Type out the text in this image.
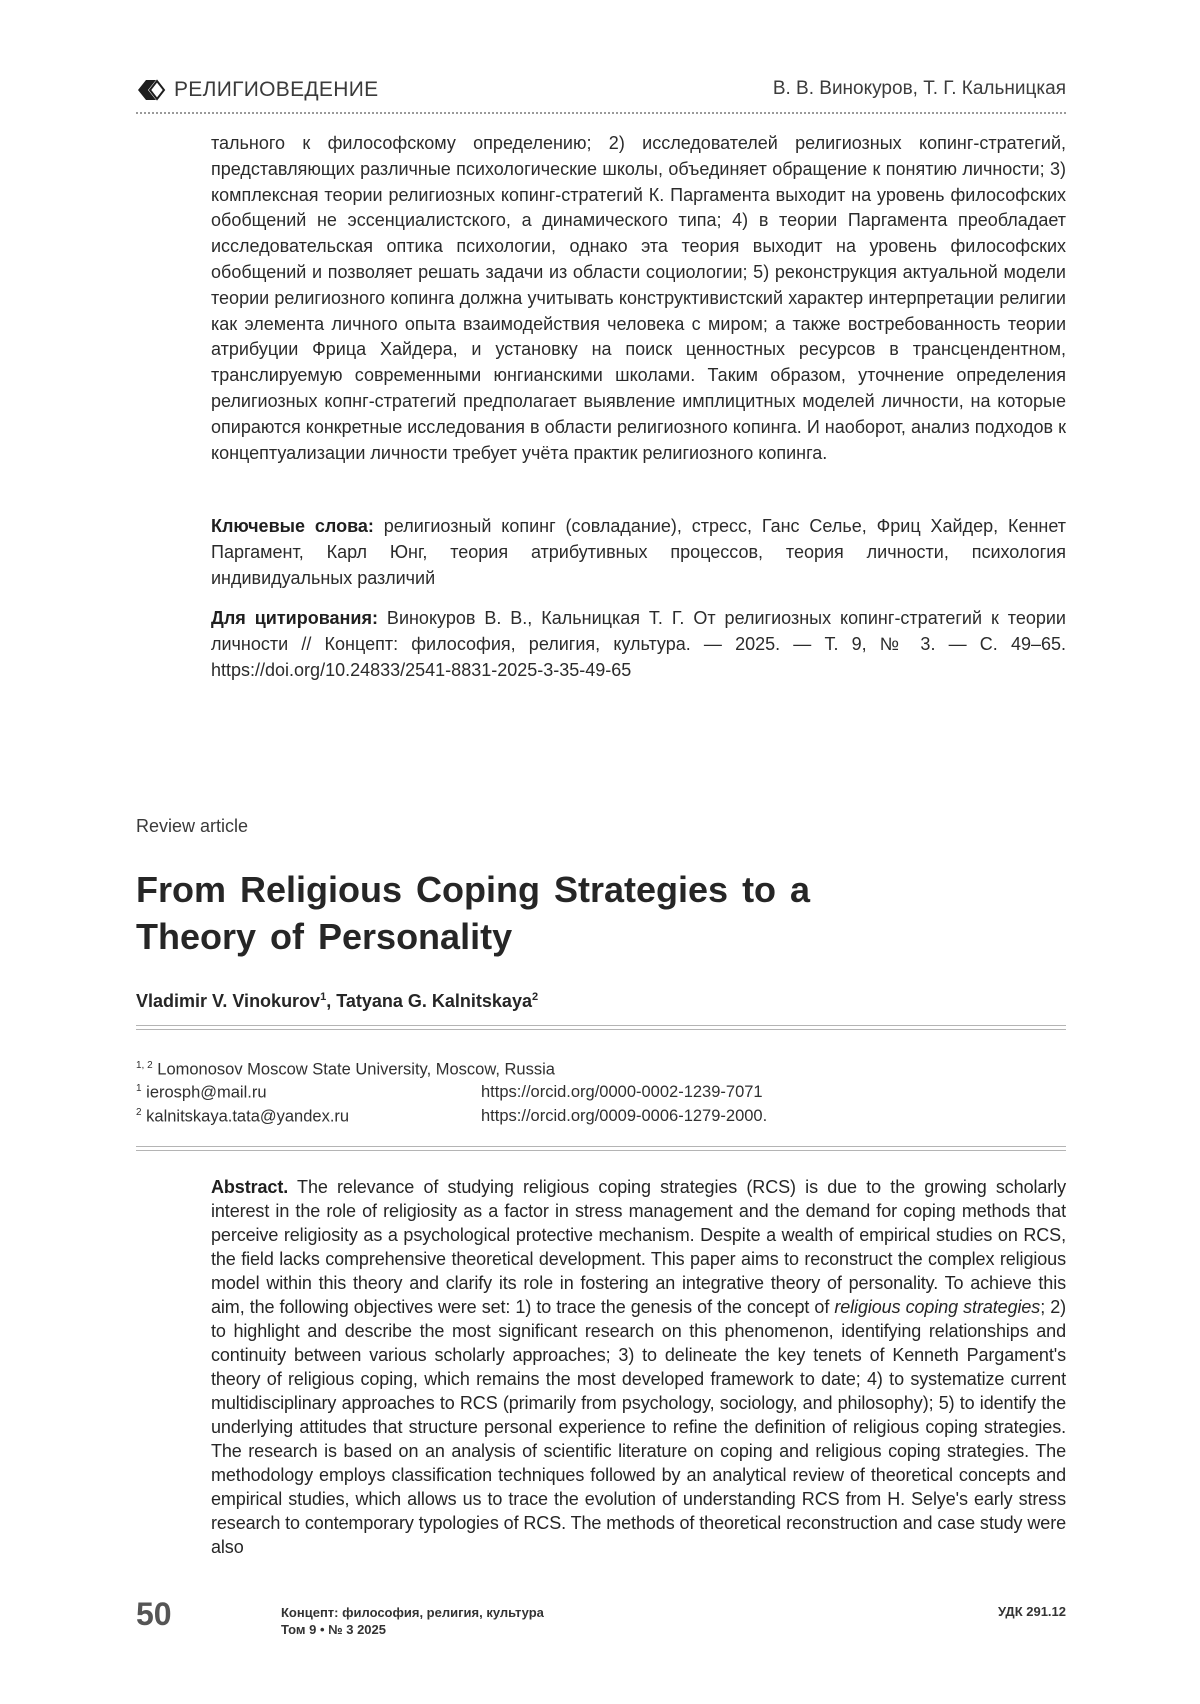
РЕЛИГИОВЕДЕНИЕ	В. В. Винокуров, Т. Г. Кальницкая

тального к философскому определению; 2) исследователей религиозных копинг-стратегий, представляющих различные психологические школы, объединяет обращение к понятию личности; 3) комплексная теории религиозных копинг-стратегий К. Паргамента выходит на уровень философских обобщений не эссенциалистского, а динамического типа; 4) в теории Паргамента преобладает исследовательская оптика психологии, однако эта теория выходит на уровень философских обобщений и позволяет решать задачи из области социологии; 5) реконструкция актуальной модели теории религиозного копинга должна учитывать конструктивистский характер интерпретации религии как элемента личного опыта взаимодействия человека с миром; а также востребованность теории атрибуции Фрица Хайдера, и установку на поиск ценностных ресурсов в трансцендентном, транслируемую современными юнгианскими школами. Таким образом, уточнение определения религиозных копнг-стратегий предполагает выявление имплицитных моделей личности, на которые опираются конкретные исследования в области религиозного копинга. И наоборот, анализ подходов к концептуализации личности требует учёта практик религиозного копинга.

Ключевые слова: религиозный копинг (совладание), стресс, Ганс Селье, Фриц Хайдер, Кеннет Паргамент, Карл Юнг, теория атрибутивных процессов, теория личности, психология индивидуальных различий

Для цитирования: Винокуров В. В., Кальницкая Т. Г. От религиозных копинг-стратегий к теории личности // Концепт: философия, религия, культура. — 2025. — Т. 9, № 3. — С. 49–65. https://doi.org/10.24833/2541-8831-2025-3-35-49-65

Review article
From Religious Coping Strategies to a Theory of Personality
Vladimir V. Vinokurov$^1$, Tatyana G. Kalnitskaya$^2$
$^{1, 2}$ Lomonosov Moscow State University, Moscow, Russia
$^1$ ierosph@mail.ru	https://orcid.org/0000-0002-1239-7071
$^2$ kalnitskaya.tata@yandex.ru	https://orcid.org/0009-0006-1279-2000.

Abstract. The relevance of studying religious coping strategies (RCS) is due to the growing scholarly interest in the role of religiosity as a factor in stress management and the demand for coping methods that perceive religiosity as a psychological protective mechanism. Despite a wealth of empirical studies on RCS, the field lacks comprehensive theoretical development. This paper aims to reconstruct the complex religious model within this theory and clarify its role in fostering an integrative theory of personality. To achieve this aim, the following objectives were set: 1) to trace the genesis of the concept of religious coping strategies; 2) to highlight and describe the most significant research on this phenomenon, identifying relationships and continuity between various scholarly approaches; 3) to delineate the key tenets of Kenneth Pargament's theory of religious coping, which remains the most developed framework to date; 4) to systematize current multidisciplinary approaches to RCS (primarily from psychology, sociology, and philosophy); 5) to identify the underlying attitudes that structure personal experience to refine the definition of religious coping strategies. The research is based on an analysis of scientific literature on coping and religious coping strategies. The methodology employs classification techniques followed by an analytical review of theoretical concepts and empirical studies, which allows us to trace the evolution of understanding RCS from H. Selye's early stress research to contemporary typologies of RCS. The methods of theoretical reconstruction and case study were also

50	Концепт: философия, религия, культура
Том 9 • № 3 2025
УДК 291.12
